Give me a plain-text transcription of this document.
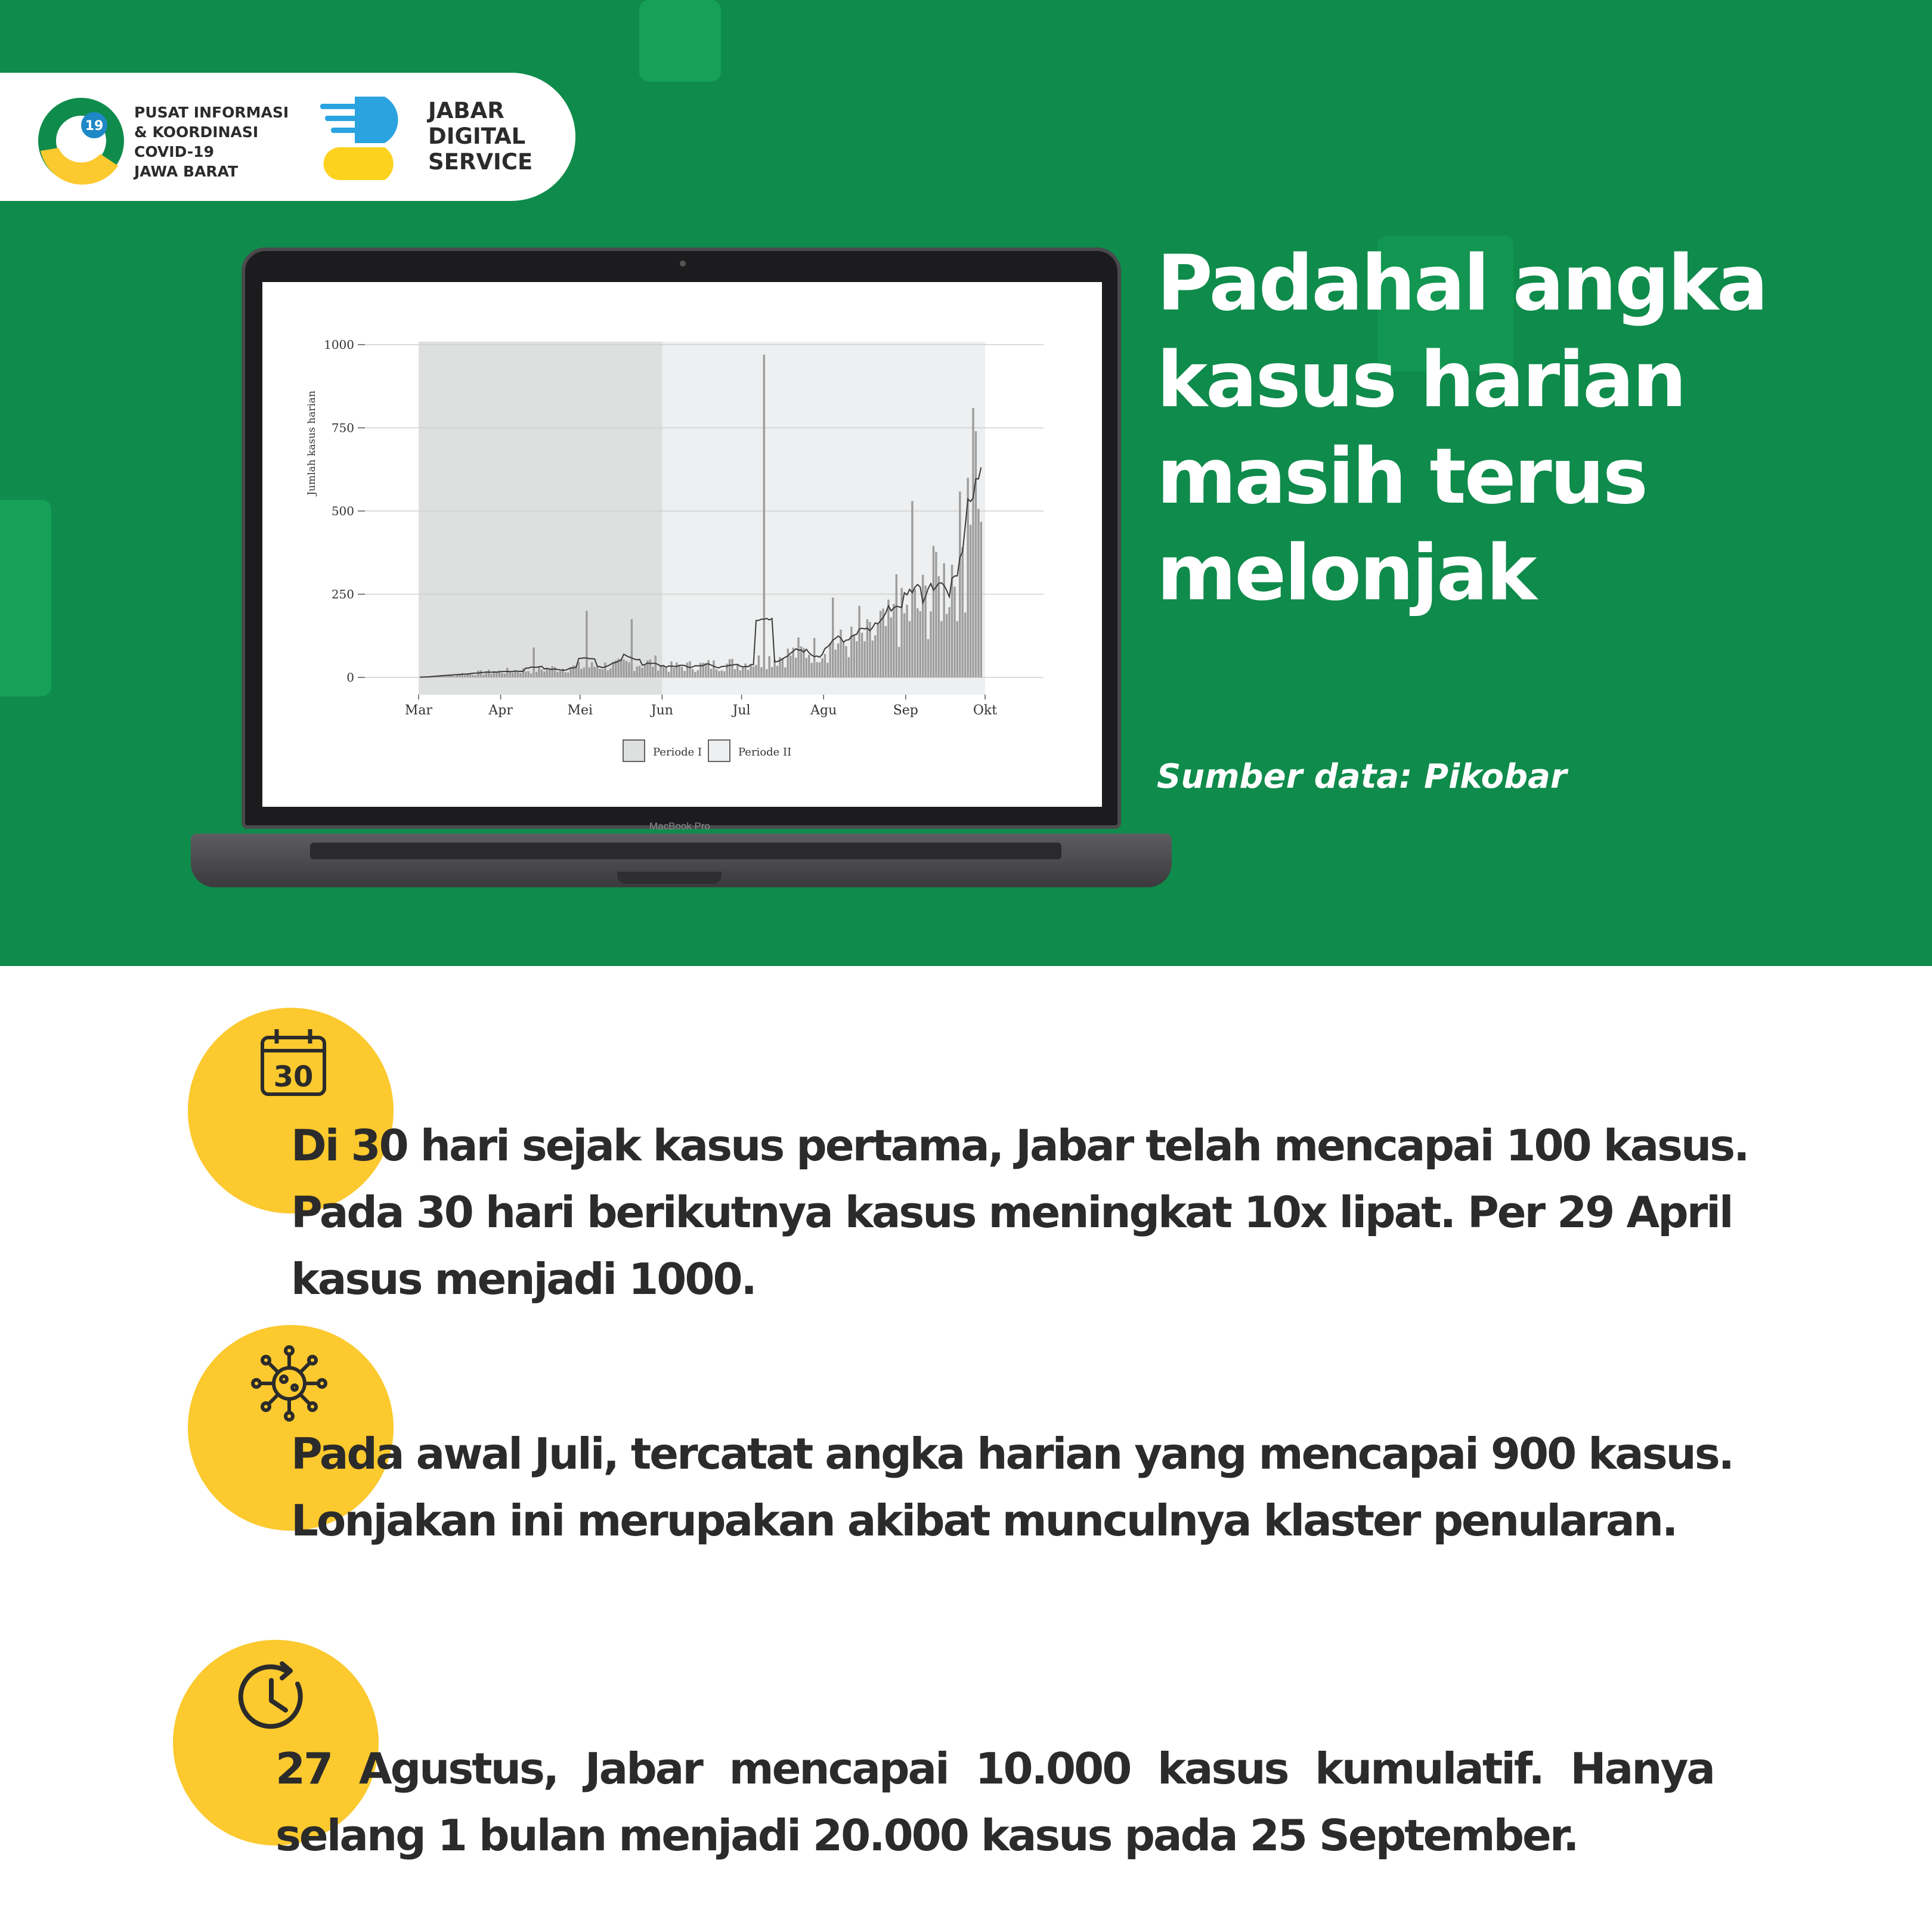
19
PUSAT INFORMASI
& KOORDINASI
COVID-19
JAWA BARAT
JABAR
DIGITAL
SERVICE
0
250
500
750
1000
Jumlah kasus harian
Mar	Apr	Mei	Jun	Jul	Agu	Sep	Okt
Periode I	Periode II
MacBook Pro
Padahal angka
kasus harian
masih terus
melonjak
Sumber data: Pikobar
30
Di 30 hari sejak kasus pertama, Jabar telah mencapai 100 kasus.
Pada 30 hari berikutnya kasus meningkat 10x lipat. Per 29 April
kasus menjadi 1000.
Pada awal Juli, tercatat angka harian yang mencapai 900 kasus.
Lonjakan ini merupakan akibat munculnya klaster penularan.
27 Agustus, Jabar mencapai 10.000 kasus kumulatif. Hanya
selang 1 bulan menjadi 20.000 kasus pada 25 September.
